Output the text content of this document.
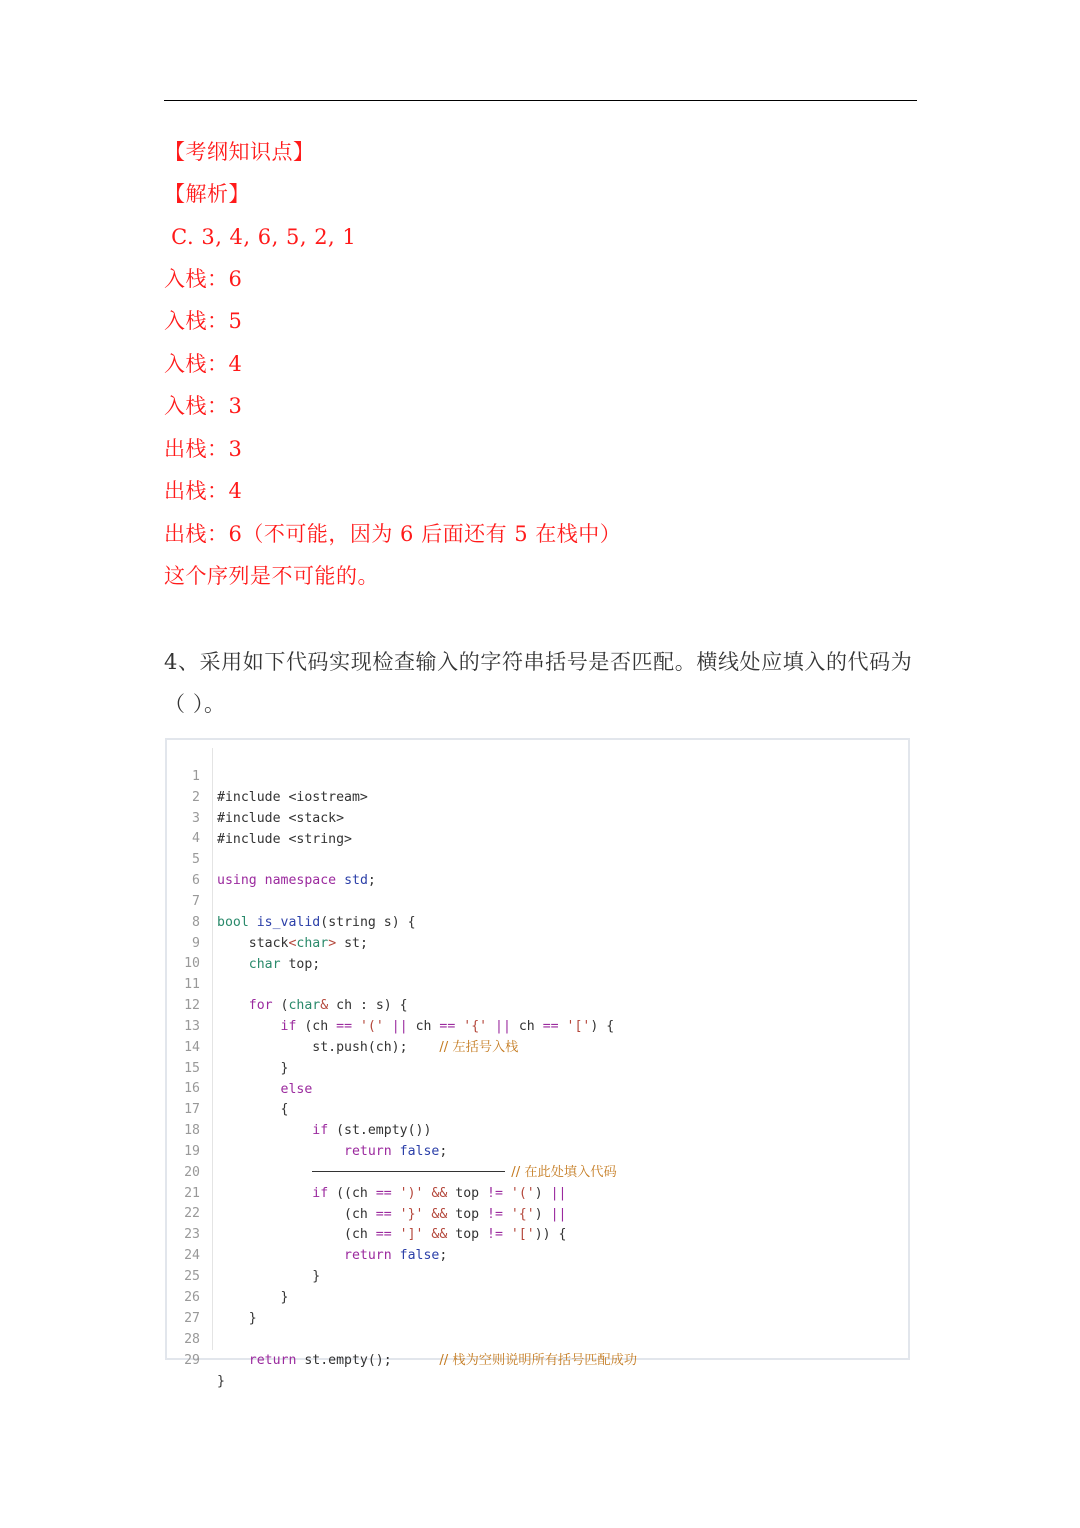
【考纲知识点】
【解析】
C. 3, 4, 6, 5, 2, 1
入栈：6
入栈：5
入栈：4
入栈：3
出栈：3
出栈：4
出栈：6（不可能，因为 6 后面还有 5 在栈中）
这个序列是不可能的。
4、采用如下代码实现检查输入的字符串括号是否匹配。横线处应填入的代码为
（ ）。

1

#include <iostream>

2

#include <stack>

3

#include <string>

4

5

using namespace std;

6

7

bool is_valid(string s) {

8

stack<char> st;

9

char top;

10

11

for (char& ch : s) {

12

if (ch == '(' || ch == '{' || ch == '[') {

13

st.push(ch);    // 左括号入栈

14

}

15

else

16

{

17

if (st.empty())

18

return false;

19

// 在此处填入代码

20

if ((ch == ')' && top != '(') ||

21

(ch == '}' && top != '{') ||

22

(ch == ']' && top != '[')) {

23

return false;

24

}

25

}

26

}

27

28

return st.empty();      // 栈为空则说明所有括号匹配成功

29

}
